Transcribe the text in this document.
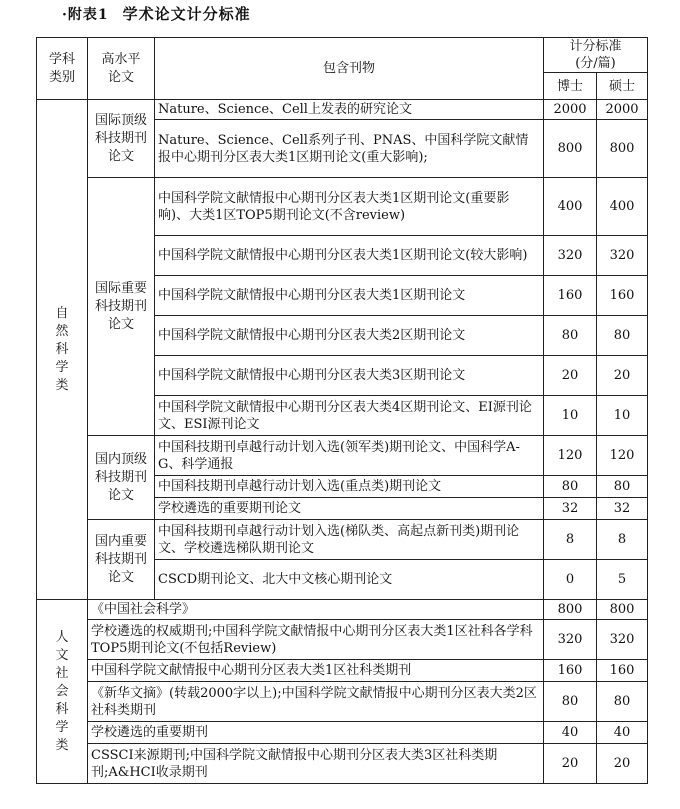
·附表1 学术论文计分标准
学科类别	高水平论文	包含刊物	计分标准(分/篇)	
			博士	硕士
自然科学类	国际顶级科技期刊论文	Nature、Science、Cell上发表的研究论文	2000	2000
		Nature、Science、Cell系列子刊、PNAS、中国科学院文献情报中心期刊分区表大类1区期刊论文(重大影响);	800	800
	国际重要科技期刊论文	中国科学院文献情报中心期刊分区表大类1区期刊论文(重要影响)、大类1区TOP5期刊论文(不含review)	400	400
		中国科学院文献情报中心期刊分区表大类1区期刊论文(较大影响)	320	320
		中国科学院文献情报中心期刊分区表大类1区期刊论文	160	160
		中国科学院文献情报中心期刊分区表大类2区期刊论文	80	80
		中国科学院文献情报中心期刊分区表大类3区期刊论文	20	20
		中国科学院文献情报中心期刊分区表大类4区期刊论文、EI源刊论文、ESI源刊论文	10	10
	国内顶级科技期刊论文	中国科技期刊卓越行动计划入选(领军类)期刊论文、中国科学A-G、科学通报	120	120
		中国科技期刊卓越行动计划入选(重点类)期刊论文	80	80
		学校遴选的重要期刊论文	32	32
	国内重要科技期刊论文	中国科技期刊卓越行动计划入选(梯队类、高起点新刊类)期刊论文、学校遴选梯队期刊论文	8	8
		CSCD期刊论文、北大中文核心期刊论文	0	5
人文社会科学类	《中国社会科学》		800	800
	学校遴选的权威期刊;中国科学院文献情报中心期刊分区表大类1区社科各学科TOP5期刊论文(不包括Review)		320	320
	中国科学院文献情报中心期刊分区表大类1区社科类期刊		160	160
	《新华文摘》(转载2000字以上);中国科学院文献情报中心期刊分区表大类2区社科类期刊		80	80
	学校遴选的重要期刊		40	40
	CSSCI来源期刊;中国科学院文献情报中心期刊分区表大类3区社科类期刊;A&HCI收录期刊		20	20
